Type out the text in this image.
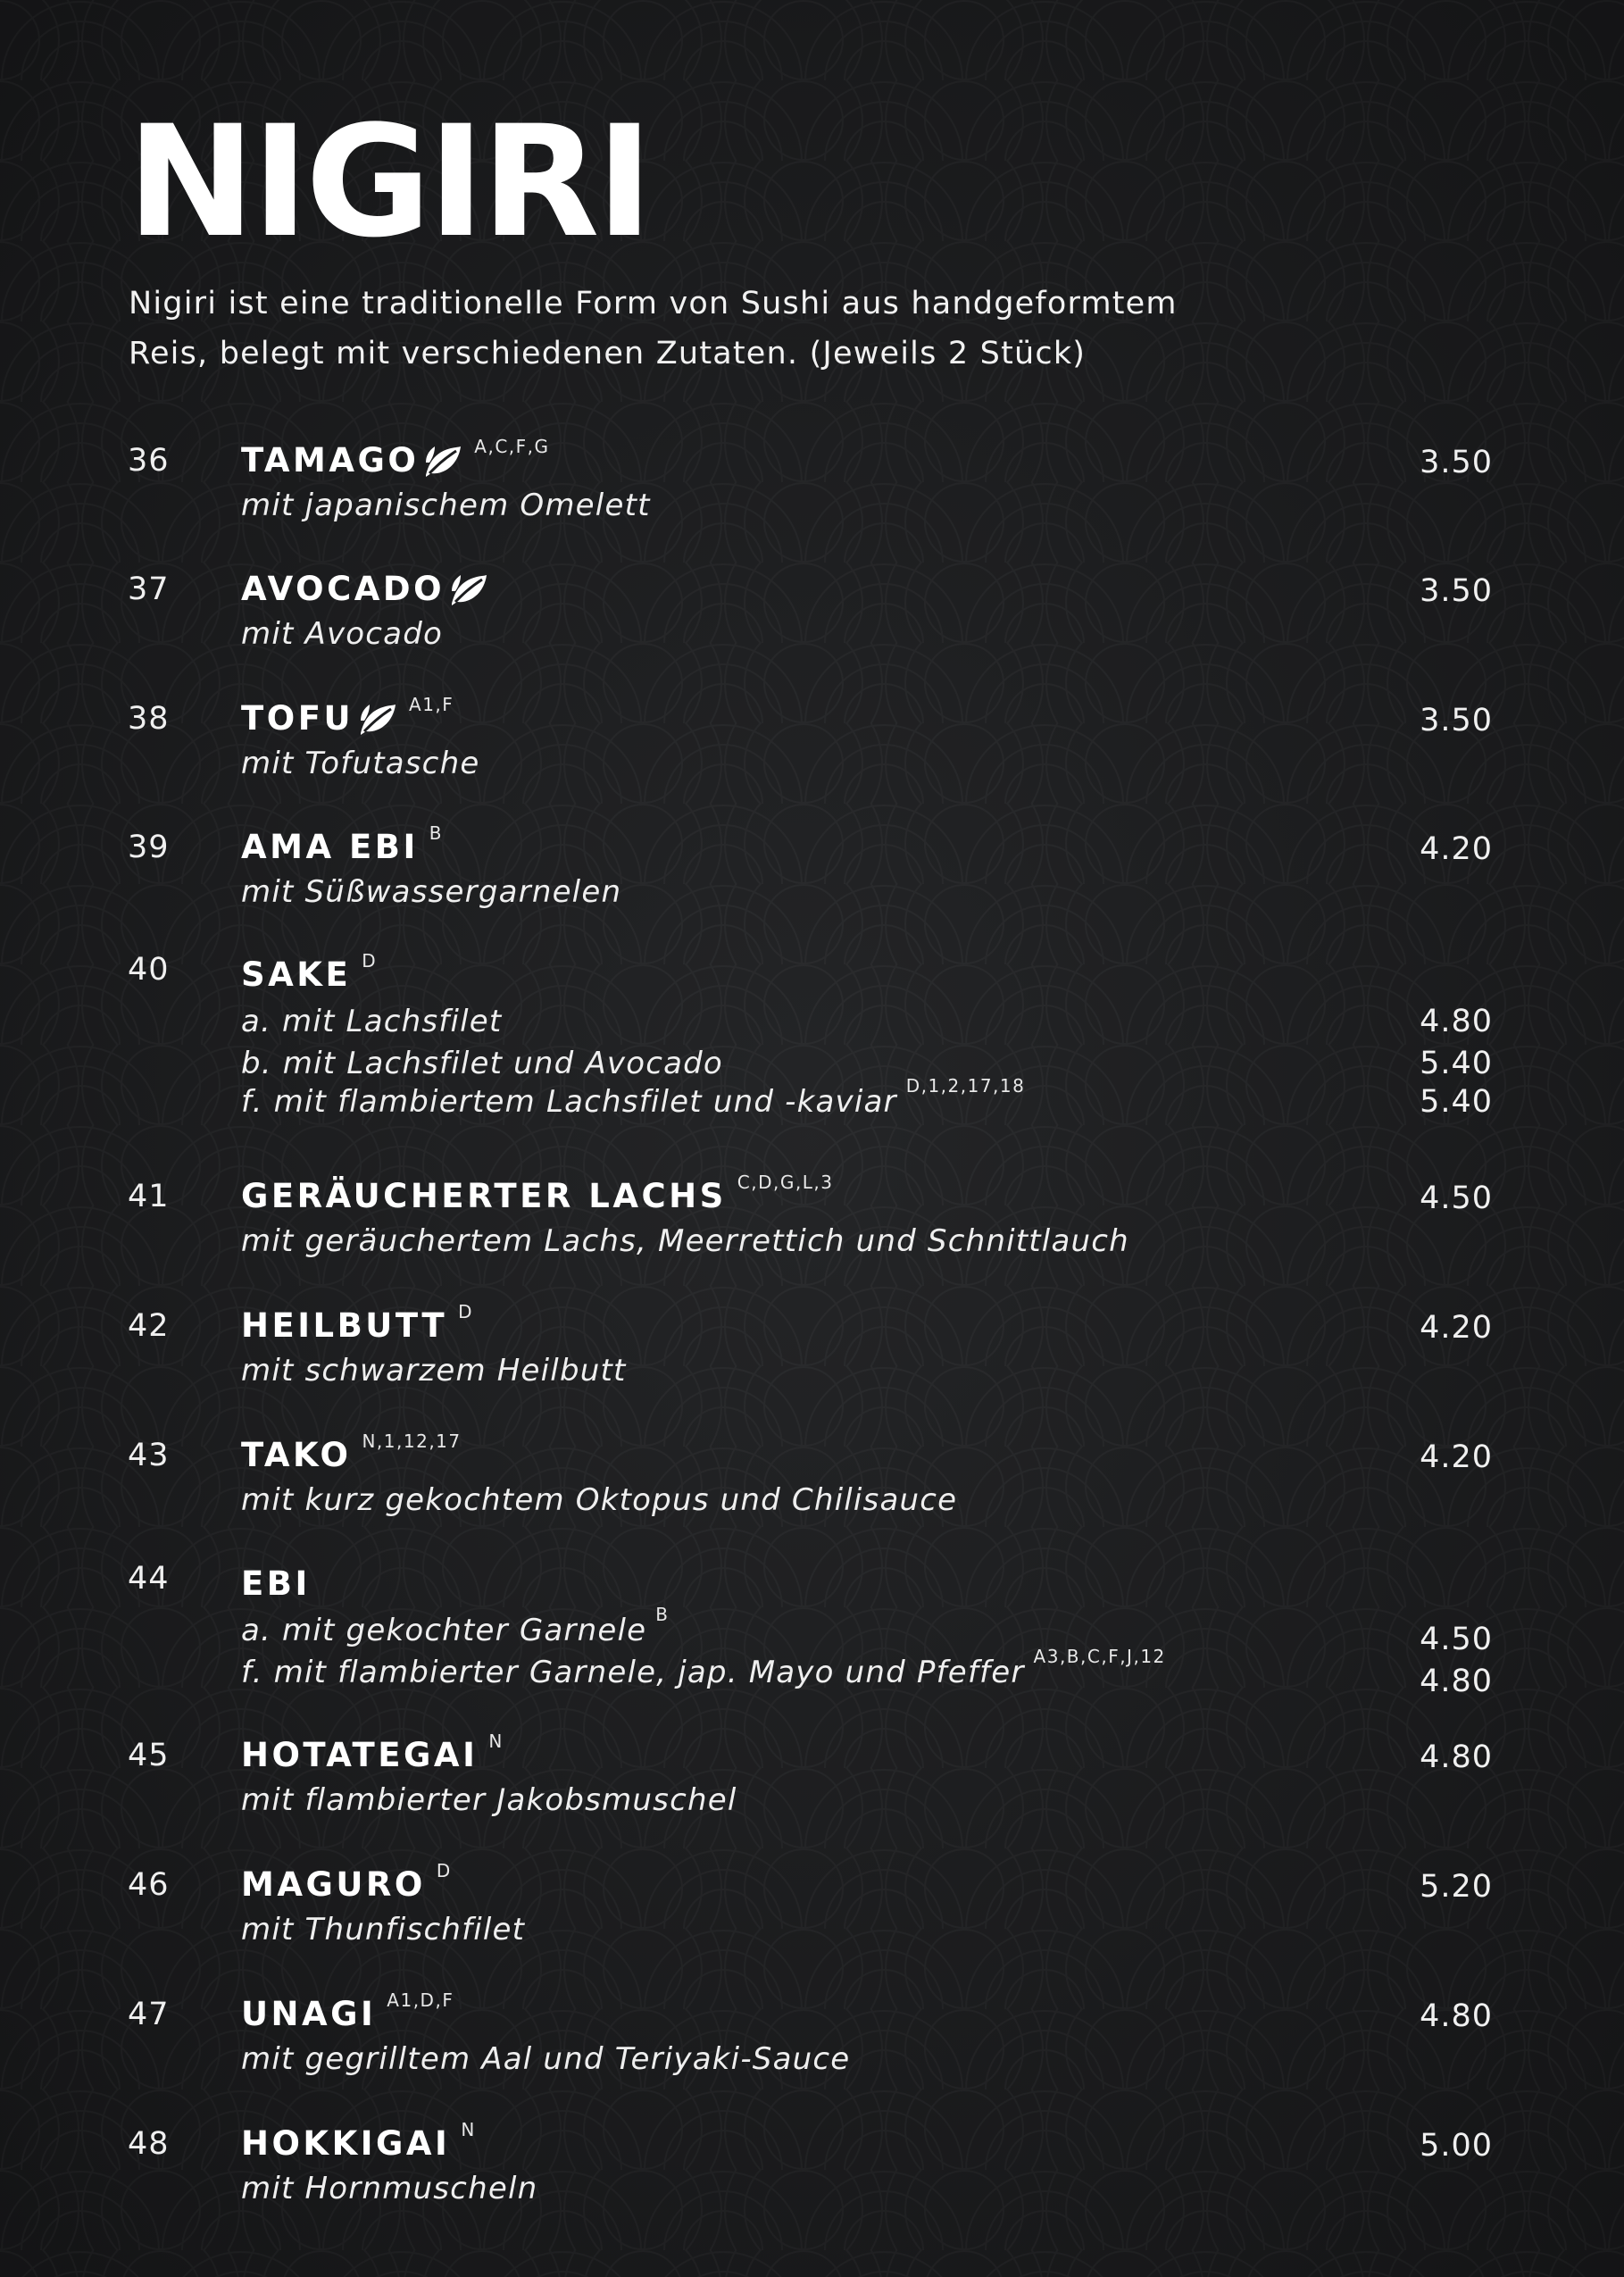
NIGIRI

Nigiri ist eine traditionelle Form von Sushi aus handgeformtem
Reis, belegt mit verschiedenen Zutaten. (Jeweils 2 Stück)

36 TAMAGO	A,C,F,G
mit japanischem Omelett
3.50
37 AVOCADO
mit Avocado
3.50
38 TOFU	A1,F
mit Tofutasche
3.50
39 AMA EBI B
mit Süßwassergarnelen
4.20
40 SAKE D
a. mit Lachsfilet	4.80
b. mit Lachsfilet und Avocado	5.40
f. mit flambiertem Lachsfilet und -kaviar D,1,2,17,18	5.40
41 GERÄUCHERTER LACHS C,D,G,L,3
mit geräuchertem Lachs, Meerrettich und Schnittlauch
4.50
42 HEILBUTT D
mit schwarzem Heilbutt
4.20
43 TAKO N,1,12,17
mit kurz gekochtem Oktopus und Chilisauce
4.20
44 EBI
a. mit gekochter Garnele B
4.50
f. mit flambierter Garnele, jap. Mayo und Pfeffer A3,B,C,F,J,12
4.80
45 HOTATEGAI N
mit flambierter Jakobsmuschel
4.80
46 MAGURO D
mit Thunfischfilet
5.20
47 UNAGI A1,D,F
mit gegrilltem Aal und Teriyaki-Sauce
4.80
48 HOKKIGAI N
mit Hornmuscheln
5.00
